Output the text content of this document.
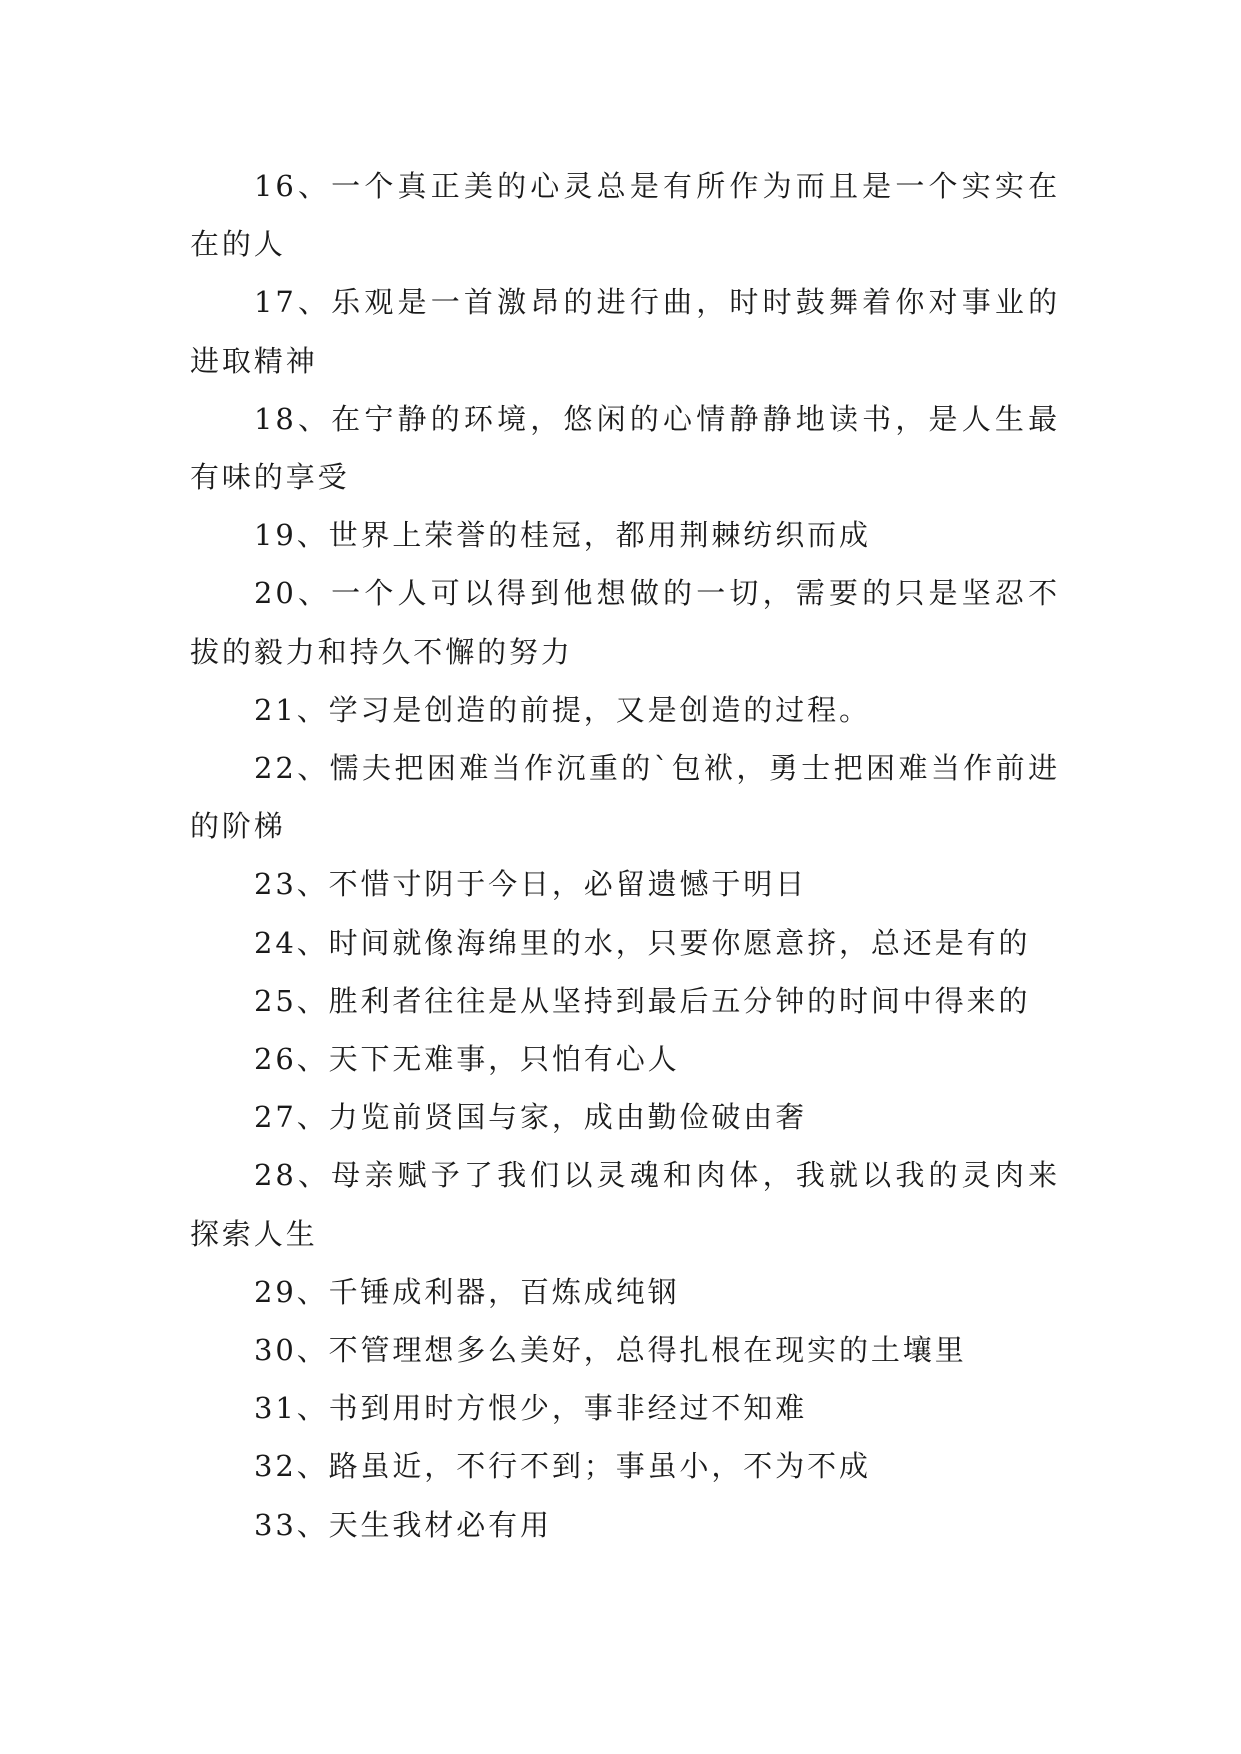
16、一个真正美的心灵总是有所作为而且是一个实实在在的人

17、乐观是一首激昂的进行曲，时时鼓舞着你对事业的进取精神

18、在宁静的环境，悠闲的心情静静地读书，是人生最有味的享受

19、世界上荣誉的桂冠，都用荆棘纺织而成

20、一个人可以得到他想做的一切，需要的只是坚忍不拔的毅力和持久不懈的努力

21、学习是创造的前提，又是创造的过程。

22、懦夫把困难当作沉重的`包袱，勇士把困难当作前进的阶梯

23、不惜寸阴于今日，必留遗憾于明日

24、时间就像海绵里的水，只要你愿意挤，总还是有的

25、胜利者往往是从坚持到最后五分钟的时间中得来的

26、天下无难事，只怕有心人

27、力览前贤国与家，成由勤俭破由奢

28、母亲赋予了我们以灵魂和肉体，我就以我的灵肉来探索人生

29、千锤成利器，百炼成纯钢

30、不管理想多么美好，总得扎根在现实的土壤里

31、书到用时方恨少，事非经过不知难

32、路虽近，不行不到；事虽小，不为不成

33、天生我材必有用
